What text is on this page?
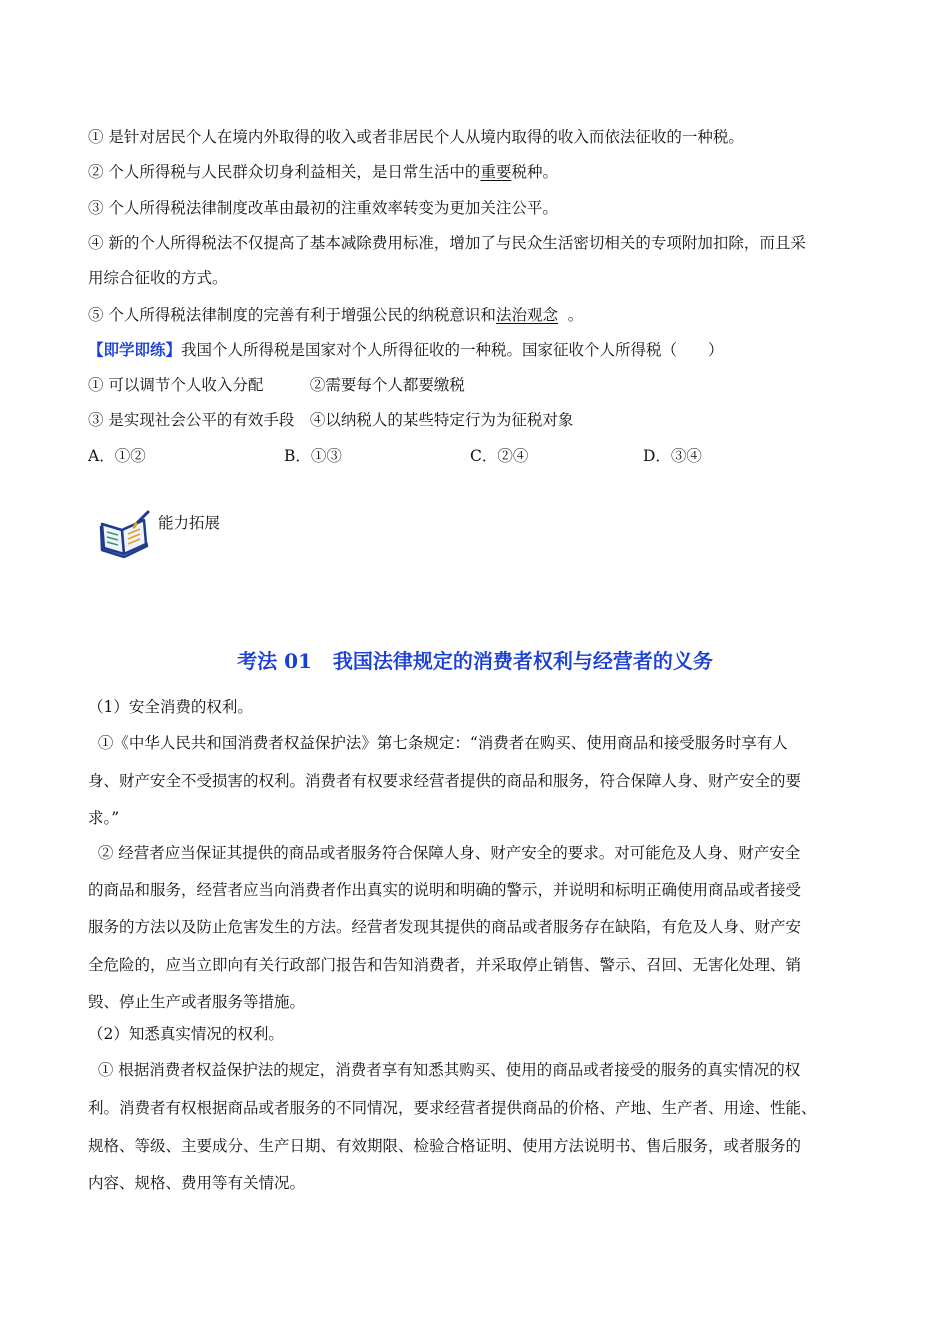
① 是针对居民个人在境内外取得的收入或者非居民个人从境内取得的收入而依法征收的一种税。
② 个人所得税与人民群众切身利益相关，是日常生活中的重要税种。
③ 个人所得税法律制度改革由最初的注重效率转变为更加关注公平。
④ 新的个人所得税法不仅提高了基本减除费用标准，增加了与民众生活密切相关的专项附加扣除，而且采
用综合征收的方式。
⑤ 个人所得税法律制度的完善有利于增强公民的纳税意识和法治观念  。
【即学即练】我国个人所得税是国家对个人所得征收的一种税。国家征收个人所得税（　　）
① 可以调节个人收入分配　　　②需要每个人都要缴税
③ 是实现社会公平的有效手段　④以纳税人的某些特定行为为征税对象
A．①②	B．①③	C．②④	D．③④
能力拓展
考法 01   我国法律规定的消费者权利与经营者的义务
（1）安全消费的权利。
①《中华人民共和国消费者权益保护法》第七条规定：“消费者在购买、使用商品和接受服务时享有人
身、财产安全不受损害的权利。消费者有权要求经营者提供的商品和服务，符合保障人身、财产安全的要
求。”
② 经营者应当保证其提供的商品或者服务符合保障人身、财产安全的要求。对可能危及人身、财产安全
的商品和服务，经营者应当向消费者作出真实的说明和明确的警示，并说明和标明正确使用商品或者接受
服务的方法以及防止危害发生的方法。经营者发现其提供的商品或者服务存在缺陷，有危及人身、财产安
全危险的，应当立即向有关行政部门报告和告知消费者，并采取停止销售、警示、召回、无害化处理、销
毁、停止生产或者服务等措施。
（2）知悉真实情况的权利。
① 根据消费者权益保护法的规定，消费者享有知悉其购买、使用的商品或者接受的服务的真实情况的权
利。消费者有权根据商品或者服务的不同情况，要求经营者提供商品的价格、产地、生产者、用途、性能、
规格、等级、主要成分、生产日期、有效期限、检验合格证明、使用方法说明书、售后服务，或者服务的
内容、规格、费用等有关情况。
